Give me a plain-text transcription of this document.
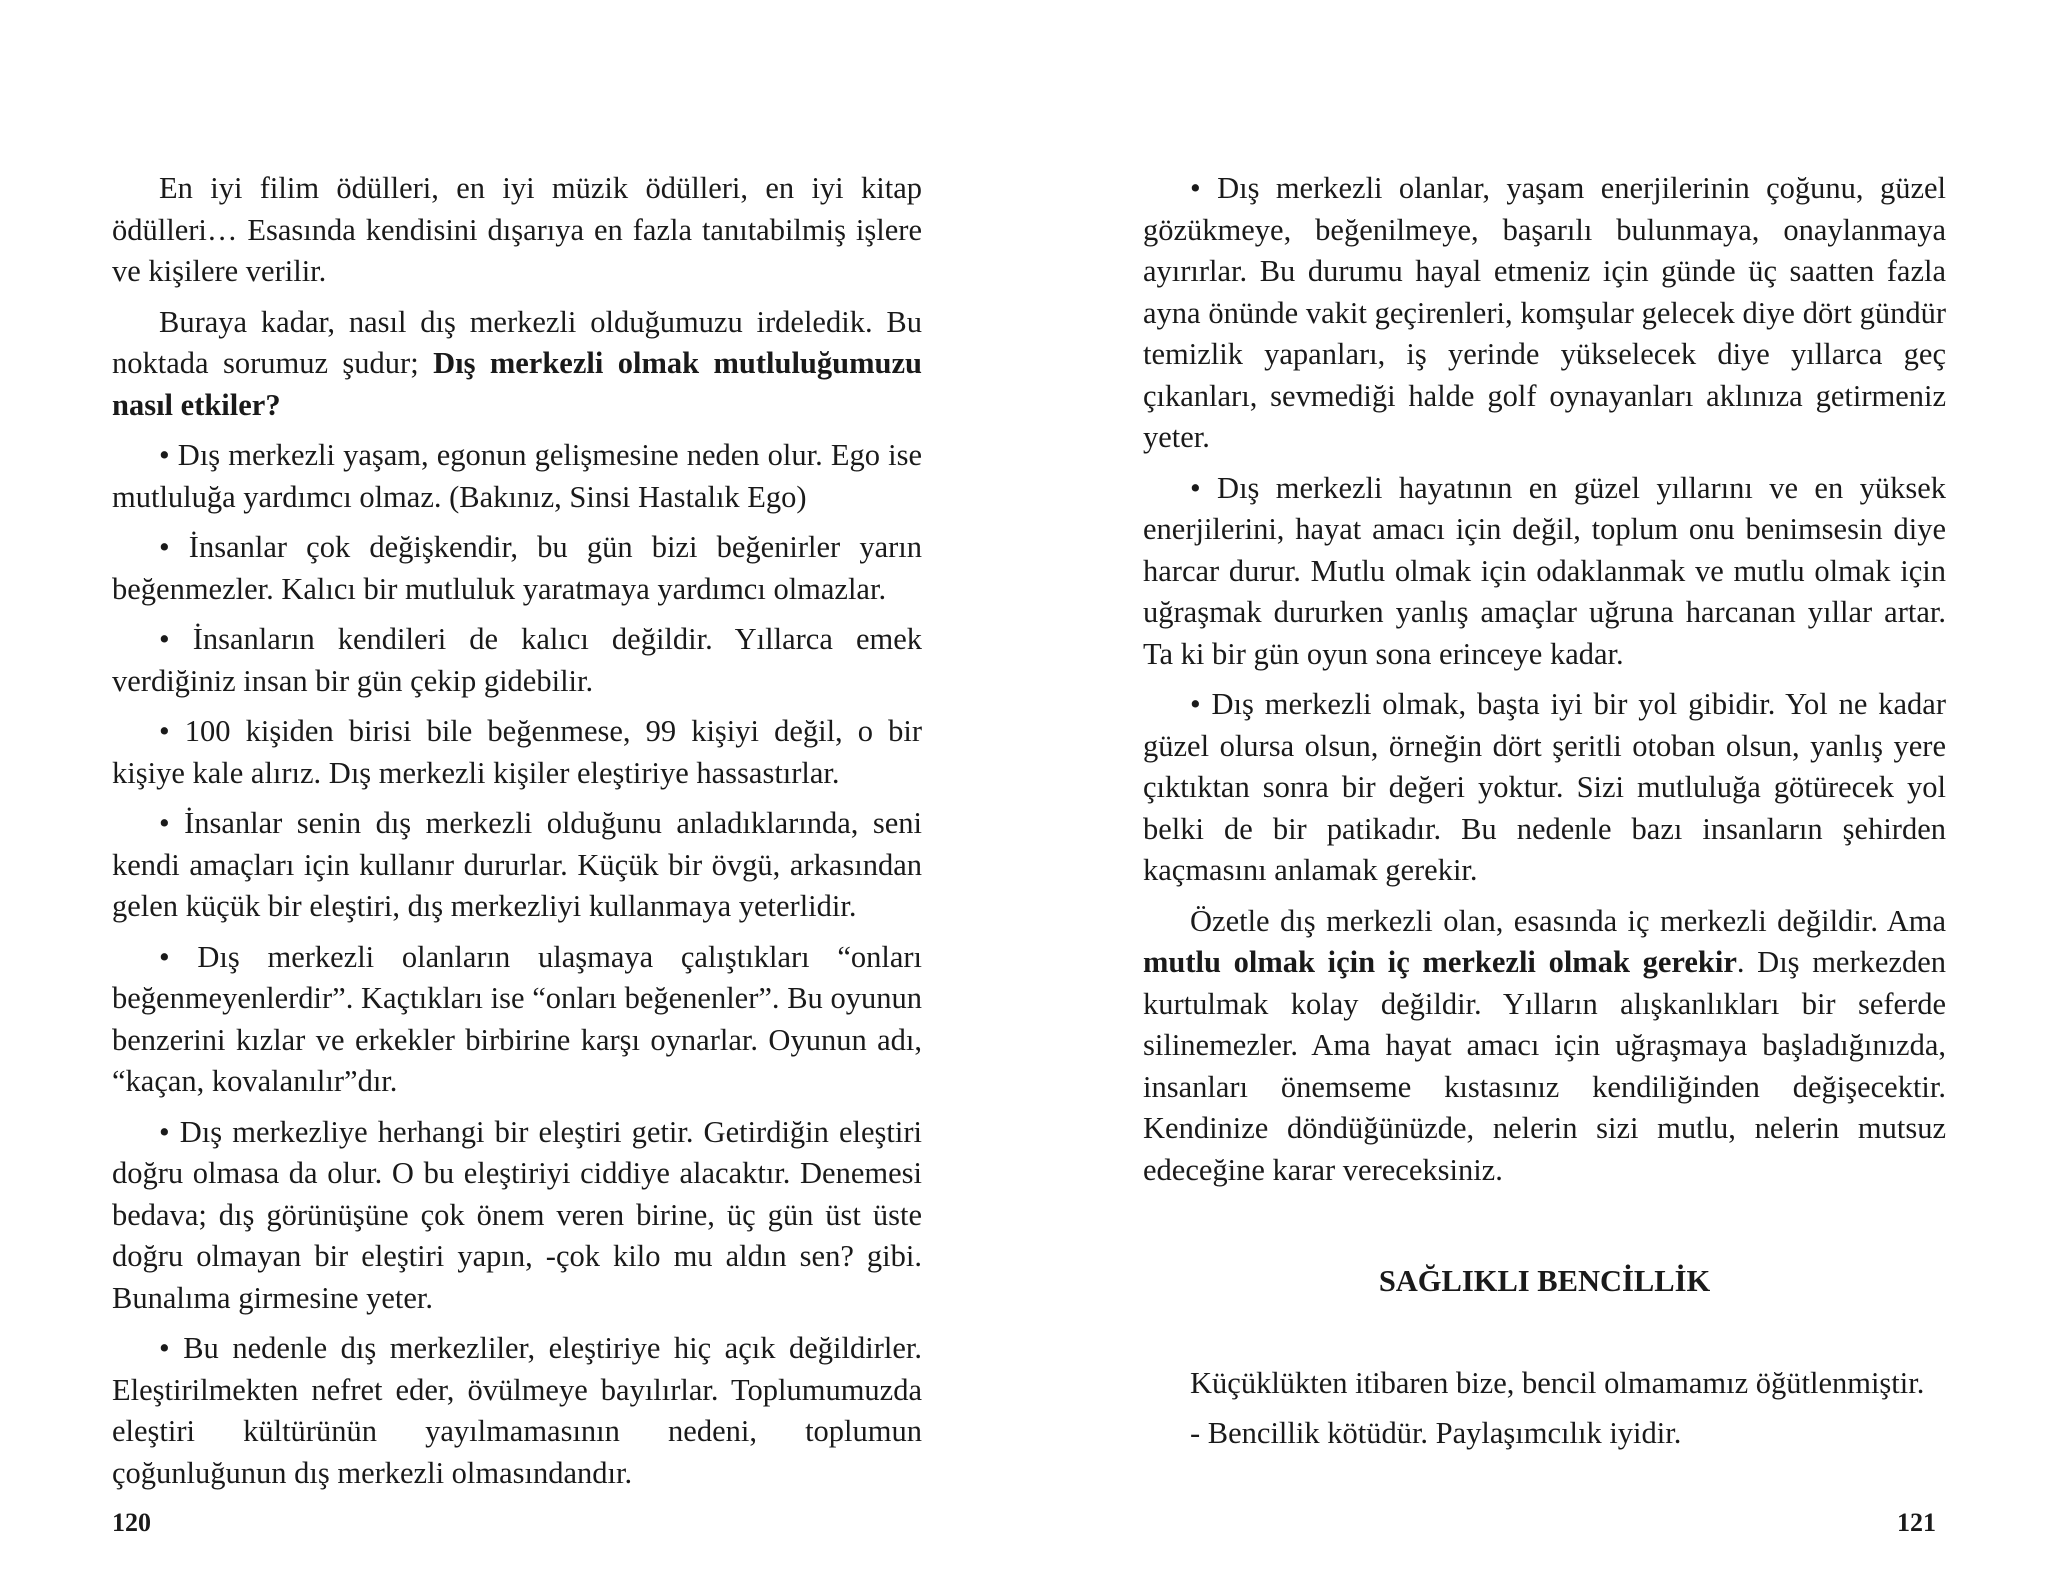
En iyi filim ödülleri, en iyi müzik ödülleri, en iyi kitap ödülleri… Esasında kendisini dışarıya en fazla tanıtabilmiş işlere ve kişilere verilir.

Buraya kadar, nasıl dış merkezli olduğumuzu irdeledik. Bu noktada sorumuz şudur; Dış merkezli olmak mutluluğumuzu nasıl etkiler?

• Dış merkezli yaşam, egonun gelişmesine neden olur. Ego ise mutluluğa yardımcı olmaz. (Bakınız, Sinsi Hastalık Ego)

• İnsanlar çok değişkendir, bu gün bizi beğenirler yarın beğenmezler. Kalıcı bir mutluluk yaratmaya yardımcı olmazlar.

• İnsanların kendileri de kalıcı değildir. Yıllarca emek verdiğiniz insan bir gün çekip gidebilir.

• 100 kişiden birisi bile beğenmese, 99 kişiyi değil, o bir kişiye kale alırız. Dış merkezli kişiler eleştiriye hassastırlar.

• İnsanlar senin dış merkezli olduğunu anladıklarında, seni kendi amaçları için kullanır dururlar. Küçük bir övgü, arkasından gelen küçük bir eleştiri, dış merkezliyi kullanmaya yeterlidir.

• Dış merkezli olanların ulaşmaya çalıştıkları “onları beğenmeyenlerdir”. Kaçtıkları ise “onları beğenenler”. Bu oyunun benzerini kızlar ve erkekler birbirine karşı oynarlar. Oyunun adı, “kaçan, kovalanılır”dır.

• Dış merkezliye herhangi bir eleştiri getir. Getirdiğin eleştiri doğru olmasa da olur. O bu eleştiriyi ciddiye alacaktır. Denemesi bedava; dış görünüşüne çok önem veren birine, üç gün üst üste doğru olmayan bir eleştiri yapın, -çok kilo mu aldın sen? gibi. Bunalıma girmesine yeter.

• Bu nedenle dış merkezliler, eleştiriye hiç açık değildirler. Eleştirilmekten nefret eder, övülmeye bayılırlar. Toplumumuzda eleştiri kültürünün yayılmamasının nedeni, toplumun çoğunluğunun dış merkezli olmasındandır.

120

• Dış merkezli olanlar, yaşam enerjilerinin çoğunu, güzel gözükmeye, beğenilmeye, başarılı bulunmaya, onaylanmaya ayırırlar. Bu durumu hayal etmeniz için günde üç saatten fazla ayna önünde vakit geçirenleri, komşular gelecek diye dört gündür temizlik yapanları, iş yerinde yükselecek diye yıllarca geç çıkanları, sevmediği halde golf oynayanları aklınıza getirmeniz yeter.

• Dış merkezli hayatının en güzel yıllarını ve en yüksek enerjilerini, hayat amacı için değil, toplum onu benimsesin diye harcar durur. Mutlu olmak için odaklanmak ve mutlu olmak için uğraşmak dururken yanlış amaçlar uğruna harcanan yıllar artar. Ta ki bir gün oyun sona erinceye kadar.

• Dış merkezli olmak, başta iyi bir yol gibidir. Yol ne kadar güzel olursa olsun, örneğin dört şeritli otoban olsun, yanlış yere çıktıktan sonra bir değeri yoktur. Sizi mutluluğa götürecek yol belki de bir patikadır. Bu nedenle bazı insanların şehirden kaçmasını anlamak gerekir.

Özetle dış merkezli olan, esasında iç merkezli değildir. Ama mutlu olmak için iç merkezli olmak gerekir. Dış merkezden kurtulmak kolay değildir. Yılların alışkanlıkları bir seferde silinemezler. Ama hayat amacı için uğraşmaya başladığınızda, insanları önemseme kıstasınız kendiliğinden değişecektir. Kendinize döndüğünüzde, nelerin sizi mutlu, nelerin mutsuz edeceğine karar vereceksiniz.

SAĞLIKLI BENCİLLİK

Küçüklükten itibaren bize, bencil olmamamız öğütlenmiştir.

- Bencillik kötüdür. Paylaşımcılık iyidir.

121
